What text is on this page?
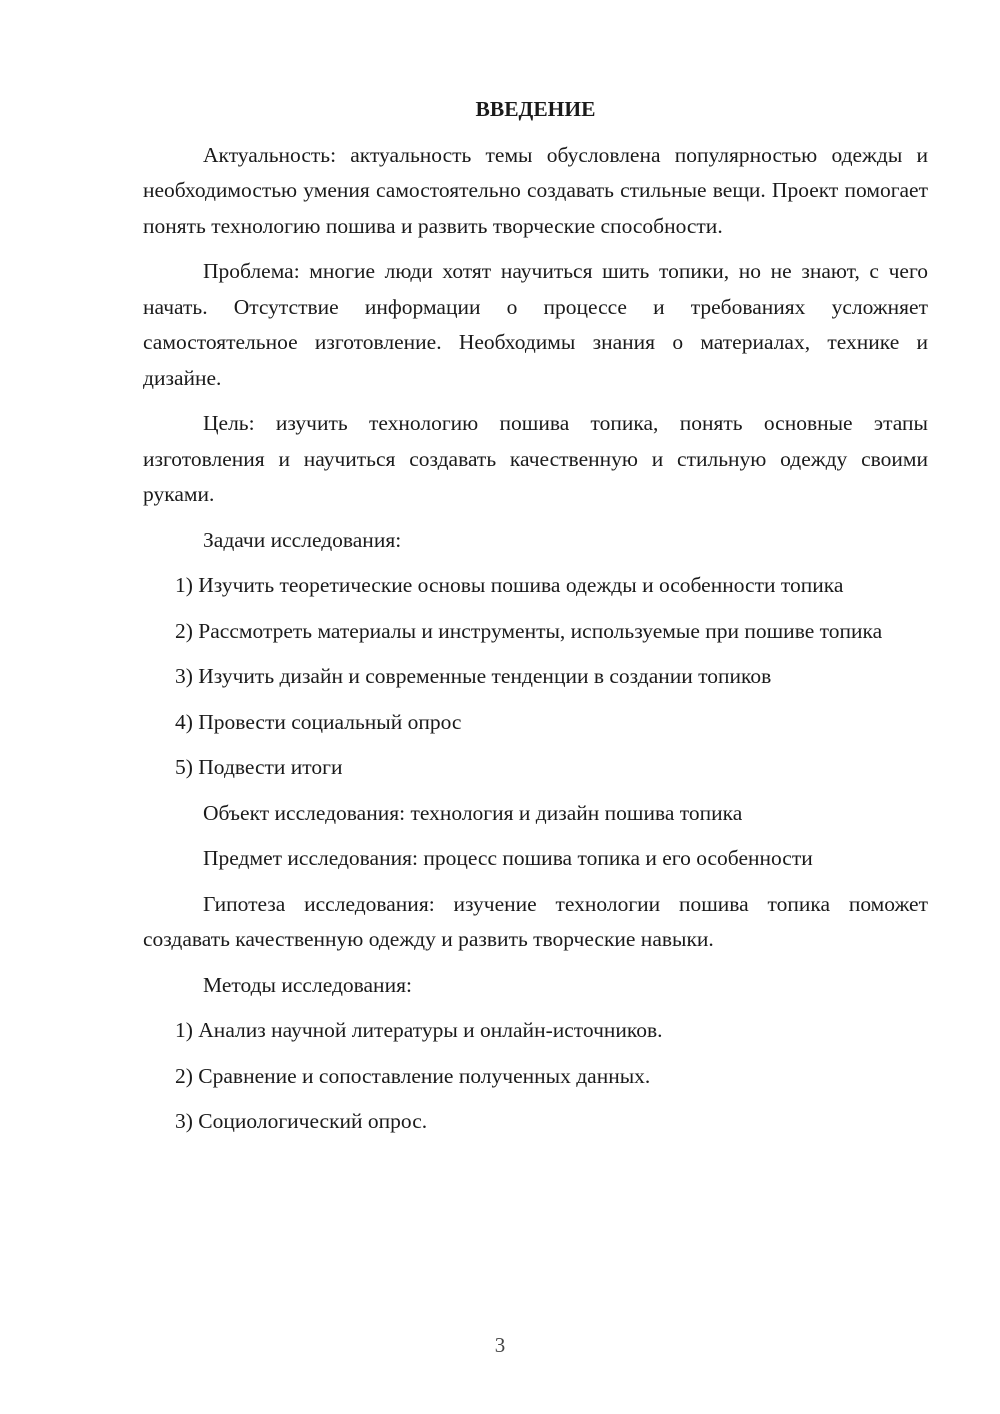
ВВЕДЕНИЕ

Актуальность: актуальность темы обусловлена популярностью одежды и необходимостью умения самостоятельно создавать стильные вещи. Проект помогает понять технологию пошива и развить творческие способности.

Проблема: многие люди хотят научиться шить топики, но не знают, с чего начать. Отсутствие информации о процессе и требованиях усложняет самостоятельное изготовление. Необходимы знания о материалах, технике и дизайне.

Цель: изучить технологию пошива топика, понять основные этапы изготовления и научиться создавать качественную и стильную одежду своими руками.

Задачи исследования:

1) Изучить теоретические основы пошива одежды и особенности топика

2) Рассмотреть материалы и инструменты, используемые при пошиве топика

3) Изучить дизайн и современные тенденции в создании топиков

4) Провести социальный опрос

5) Подвести итоги

Объект исследования: технология и дизайн пошива топика

Предмет исследования: процесс пошива топика и его особенности

Гипотеза исследования: изучение технологии пошива топика поможет создавать качественную одежду и развить творческие навыки.

Методы исследования:

1) Анализ научной литературы и онлайн-источников.

2) Сравнение и сопоставление полученных данных.

3) Социологический опрос.

3
